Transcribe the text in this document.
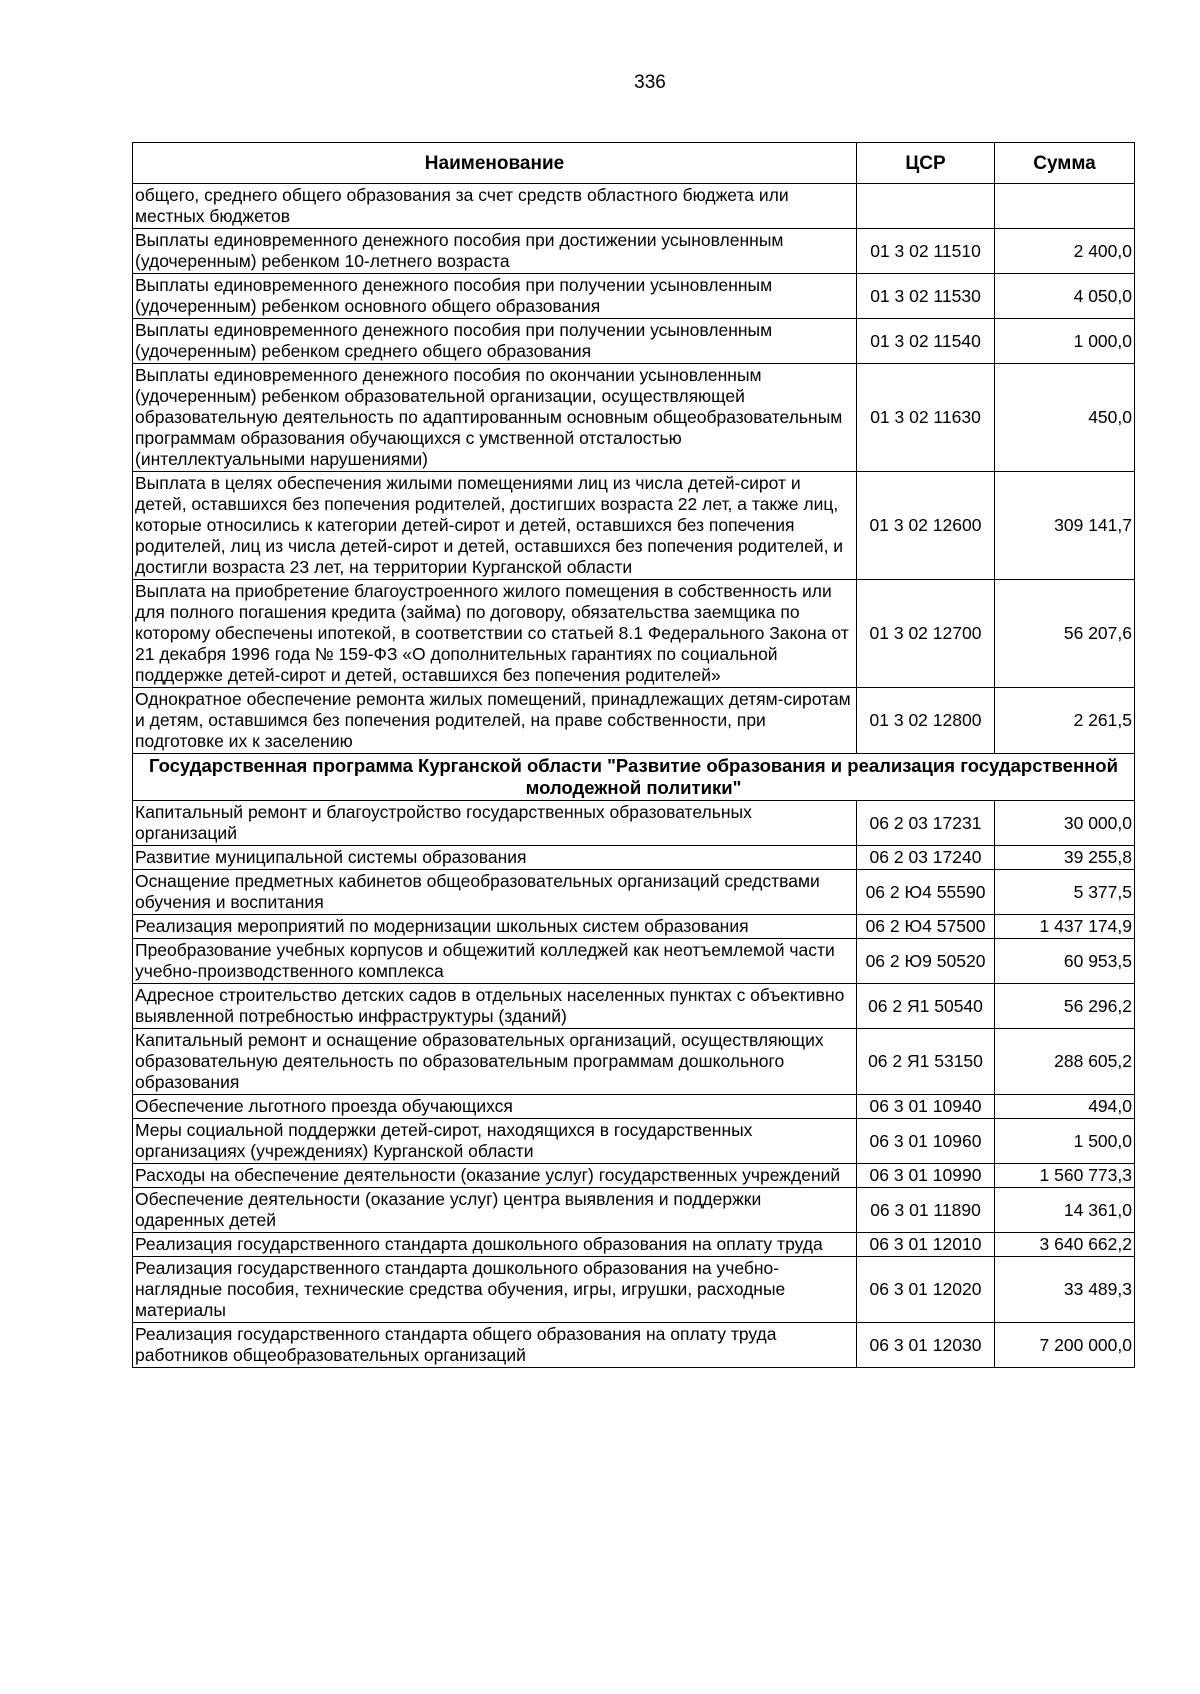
336
Наименование	ЦСР	Сумма
общего, среднего общего образования за счет средств областного бюджета или местных бюджетов		
Выплаты единовременного денежного пособия при достижении усыновленным (удочеренным) ребенком 10-летнего возраста	01 3 02 11510	2 400,0
Выплаты единовременного денежного пособия при получении усыновленным (удочеренным) ребенком основного общего образования	01 3 02 11530	4 050,0
Выплаты единовременного денежного пособия при получении усыновленным (удочеренным) ребенком среднего общего образования	01 3 02 11540	1 000,0
Выплаты единовременного денежного пособия по окончании усыновленным (удочеренным) ребенком образовательной организации, осуществляющей образовательную деятельность по адаптированным основным общеобразовательным программам образования обучающихся с умственной отсталостью (интеллектуальными нарушениями)	01 3 02 11630	450,0
Выплата в целях обеспечения жилыми помещениями лиц из числа детей-сирот и детей, оставшихся без попечения родителей, достигших возраста 22 лет, а также лиц, которые относились к категории детей-сирот и детей, оставшихся без попечения родителей, лиц из числа детей-сирот и детей, оставшихся без попечения родителей, и достигли возраста 23 лет, на территории Курганской области	01 3 02 12600	309 141,7
Выплата на приобретение благоустроенного жилого помещения в собственность или для полного погашения кредита (займа) по договору, обязательства заемщика по которому обеспечены ипотекой, в соответствии со статьей 8.1 Федерального Закона от 21 декабря 1996 года № 159-ФЗ «О дополнительных гарантиях по социальной поддержке детей-сирот и детей, оставшихся без попечения родителей»	01 3 02 12700	56 207,6
Однократное обеспечение ремонта жилых помещений, принадлежащих детям-сиротам и детям, оставшимся без попечения родителей, на праве собственности, при подготовке их к заселению	01 3 02 12800	2 261,5
Государственная программа Курганской области "Развитие образования и реализация государственной молодежной политики"		
Капитальный ремонт и благоустройство государственных образовательных организаций	06 2 03 17231	30 000,0
Развитие муниципальной системы образования	06 2 03 17240	39 255,8
Оснащение предметных кабинетов общеобразовательных организаций средствами обучения и воспитания	06 2 Ю4 55590	5 377,5
Реализация мероприятий по модернизации школьных систем образования	06 2 Ю4 57500	1 437 174,9
Преобразование учебных корпусов и общежитий колледжей как неотъемлемой части учебно-производственного комплекса	06 2 Ю9 50520	60 953,5
Адресное строительство детских садов в отдельных населенных пунктах с объективно выявленной потребностью инфраструктуры (зданий)	06 2 Я1 50540	56 296,2
Капитальный ремонт и оснащение образовательных организаций, осуществляющих образовательную деятельность по образовательным программам дошкольного образования	06 2 Я1 53150	288 605,2
Обеспечение льготного проезда обучающихся	06 3 01 10940	494,0
Меры социальной поддержки детей-сирот, находящихся в государственных организациях (учреждениях) Курганской области	06 3 01 10960	1 500,0
Расходы на обеспечение деятельности (оказание услуг) государственных учреждений	06 3 01 10990	1 560 773,3
Обеспечение деятельности (оказание услуг) центра выявления и поддержки одаренных детей	06 3 01 11890	14 361,0
Реализация государственного стандарта дошкольного образования на оплату труда	06 3 01 12010	3 640 662,2
Реализация государственного стандарта дошкольного образования на учебно-наглядные пособия, технические средства обучения, игры, игрушки, расходные материалы	06 3 01 12020	33 489,3
Реализация государственного стандарта общего образования на оплату труда работников общеобразовательных организаций	06 3 01 12030	7 200 000,0
